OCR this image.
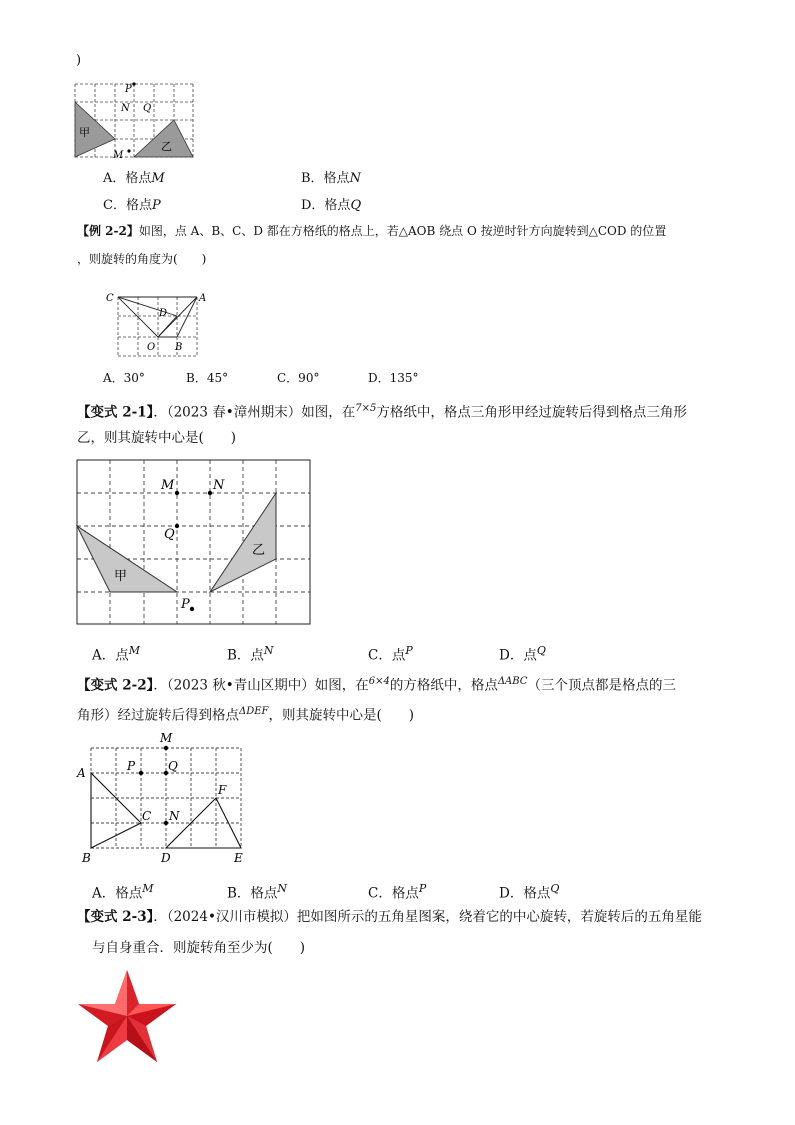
)
P
N Q
M
甲
乙
A．格点M	B．格点N
C．格点P	D．格点Q
【例 2-2】如图，点 A、B、C、D 都在方格纸的格点上，若△AOB 绕点 O 按逆时针方向旋转到△COD 的位置
，则旋转的角度为(　　)
C	A
D
O B
A．30°	B．45°	C．90°	D．135°
【变式 2-1】．（2023 春•漳州期末）如图，在$^{7\times 5}$方格纸中，格点三角形甲经过旋转后得到格点三角形
乙，则其旋转中心是(　　)
M	N
Q
P
甲
乙
A．点$^M$	B．点$^N$	C．点$^P$	D．点$^Q$
【变式 2-2】．（2023 秋•青山区期中）如图，在$^{6\times 4}$的方格纸中，格点$^{\Delta ABC}$（三个顶点都是格点的三
角形）经过旋转后得到格点$^{\Delta DEF}$，则其旋转中心是(　　)
M
A	P	Q
C N
F
B	D	E
A．格点$^M$	B．格点$^N$	C．格点$^P$	D．格点$^Q$
【变式 2-3】．（2024•汉川市模拟）把如图所示的五角星图案，绕着它的中心旋转，若旋转后的五角星能
与自身重合．则旋转角至少为(　　)
